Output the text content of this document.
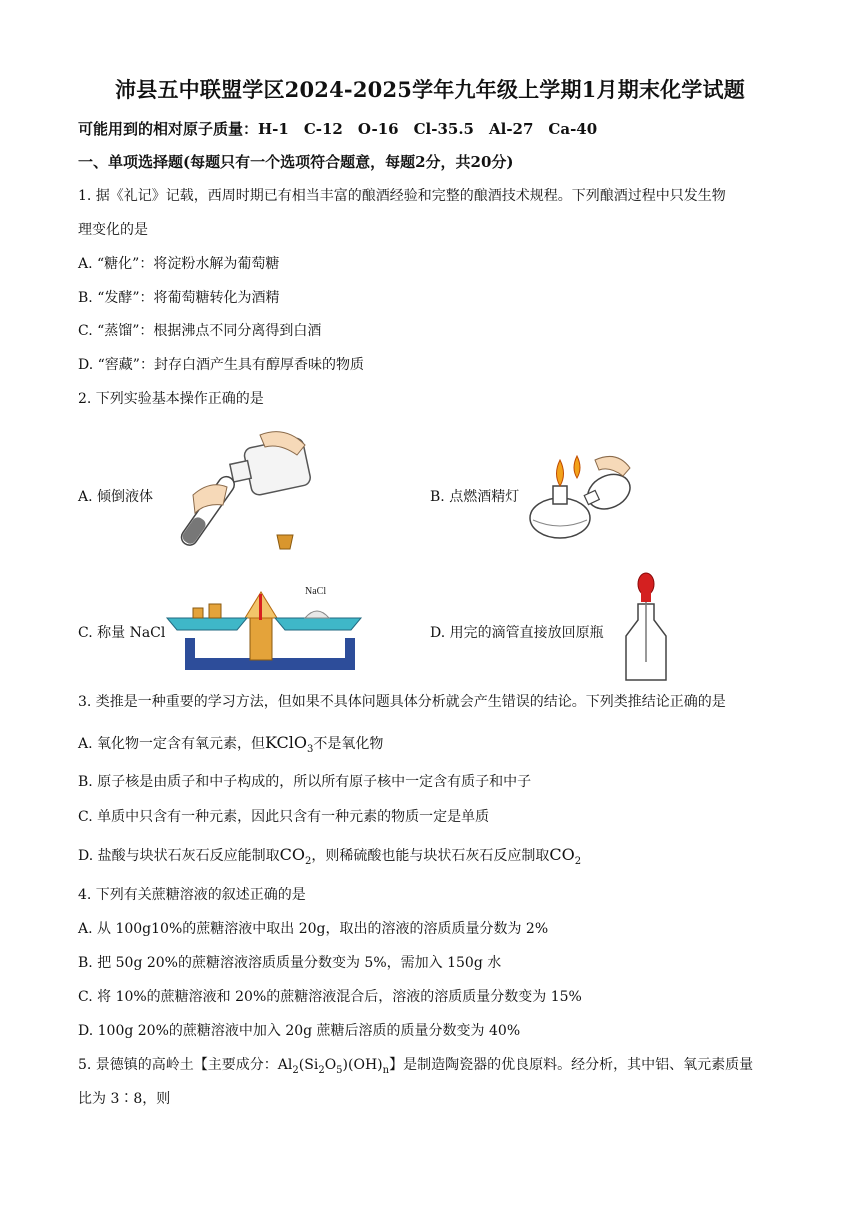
沛县五中联盟学区2024-2025学年九年级上学期1月期末化学试题
可能用到的相对原子质量：H-1　C-12　O-16　Cl-35.5　Al-27　Ca-40
一、单项选择题(每题只有一个选项符合题意，每题2分，共20分)
1. 据《礼记》记载，西周时期已有相当丰富的酿酒经验和完整的酿酒技术规程。下列酿酒过程中只发生物
理变化的是
A. “糖化”：将淀粉水解为葡萄糖
B. “发酵”：将葡萄糖转化为酒精
C. “蒸馏”：根据沸点不同分离得到白酒
D. “窖藏”：封存白酒产生具有醇厚香味的物质
2. 下列实验基本操作正确的是
A. 倾倒液体	B. 点燃酒精灯
C. 称量 NaCl
NaCl
D. 用完的滴管直接放回原瓶
3. 类推是一种重要的学习方法，但如果不具体问题具体分析就会产生错误的结论。下列类推结论正确的是
A. 氧化物一定含有氧元素，但KClO$_3$不是氧化物
B. 原子核是由质子和中子构成的，所以所有原子核中一定含有质子和中子
C. 单质中只含有一种元素，因此只含有一种元素的物质一定是单质
D. 盐酸与块状石灰石反应能制取$CO_2$，则稀硫酸也能与块状石灰石反应制取$CO_2$
4. 下列有关蔗糖溶液的叙述正确的是
A. 从 100g10%的蔗糖溶液中取出 20g，取出的溶液的溶质质量分数为 2%
B. 把 50g 20%的蔗糖溶液溶质质量分数变为 5%，需加入 150g 水
C. 将 10%的蔗糖溶液和 20%的蔗糖溶液混合后，溶液的溶质质量分数变为 15%
D. 100g 20%的蔗糖溶液中加入 20g 蔗糖后溶质的质量分数变为 40%
5. 景德镇的高岭土【主要成分：$Al_2(Si_2O_5)(OH)_n$】是制造陶瓷器的优良原料。经分析，其中铝、氧元素质量
比为 3∶8，则
